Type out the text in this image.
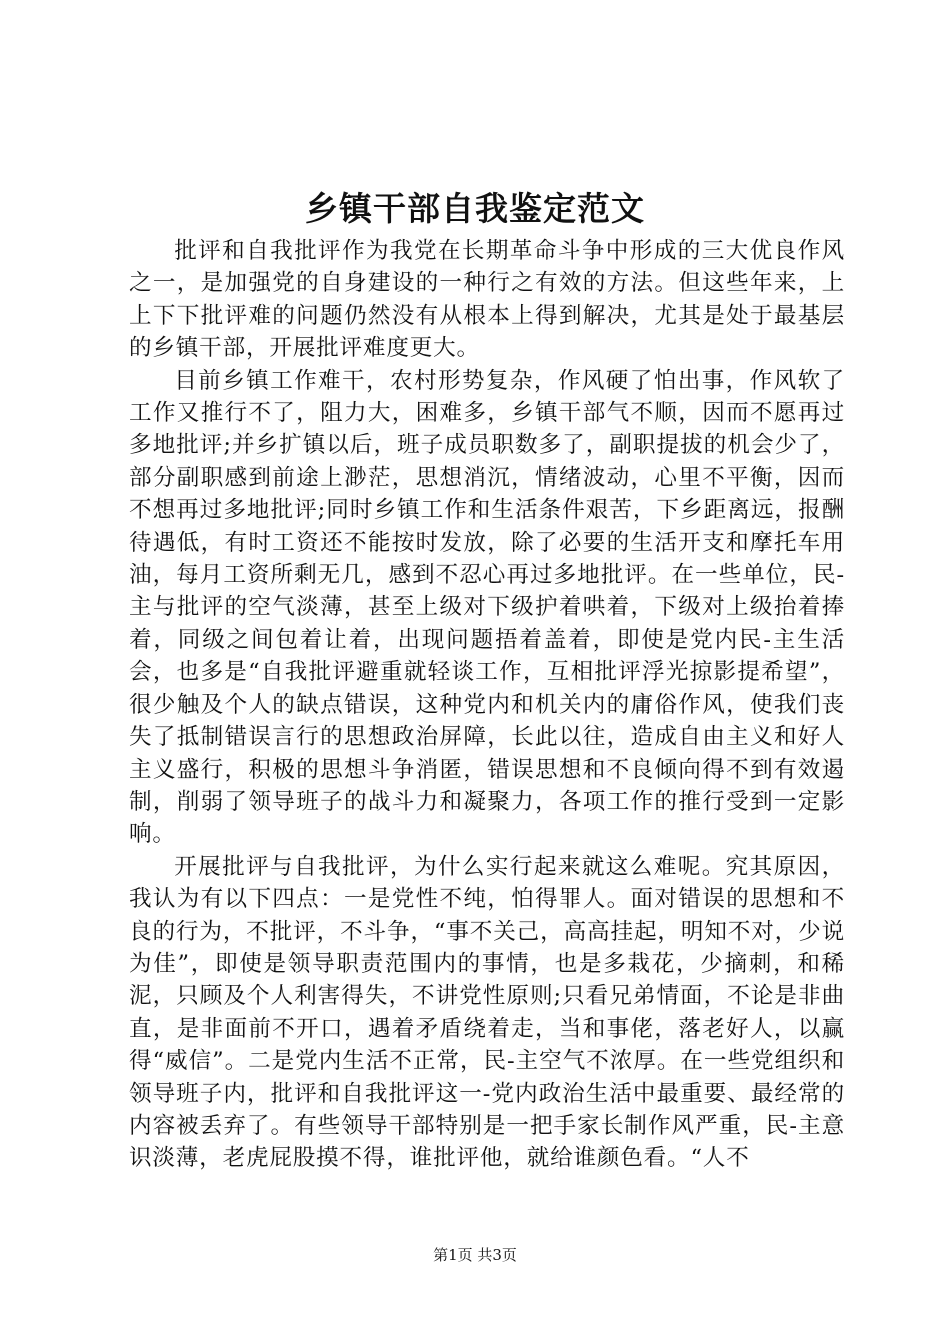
乡镇干部自我鉴定范文

批评和自我批评作为我党在长期革命斗争中形成的三大优良作风之一，是加强党的自身建设的一种行之有效的方法。但这些年来，上上下下批评难的问题仍然没有从根本上得到解决，尤其是处于最基层的乡镇干部，开展批评难度更大。

目前乡镇工作难干，农村形势复杂，作风硬了怕出事，作风软了工作又推行不了，阻力大，困难多，乡镇干部气不顺，因而不愿再过多地批评;并乡扩镇以后，班子成员职数多了，副职提拔的机会少了，部分副职感到前途上渺茫，思想消沉，情绪波动，心里不平衡，因而不想再过多地批评;同时乡镇工作和生活条件艰苦，下乡距离远，报酬待遇低，有时工资还不能按时发放，除了必要的生活开支和摩托车用油，每月工资所剩无几，感到不忍心再过多地批评。在一些单位，民-主与批评的空气淡薄，甚至上级对下级护着哄着，下级对上级抬着捧着，同级之间包着让着，出现问题捂着盖着，即使是党内民-主生活会，也多是“自我批评避重就轻谈工作，互相批评浮光掠影提希望”，很少触及个人的缺点错误，这种党内和机关内的庸俗作风，使我们丧失了抵制错误言行的思想政治屏障，长此以往，造成自由主义和好人主义盛行，积极的思想斗争消匿，错误思想和不良倾向得不到有效遏制，削弱了领导班子的战斗力和凝聚力，各项工作的推行受到一定影响。

开展批评与自我批评，为什么实行起来就这么难呢。究其原因，我认为有以下四点：一是党性不纯，怕得罪人。面对错误的思想和不良的行为，不批评，不斗争，“事不关己，高高挂起，明知不对，少说为佳”，即使是领导职责范围内的事情，也是多栽花，少摘刺，和稀泥，只顾及个人利害得失，不讲党性原则;只看兄弟情面，不论是非曲直，是非面前不开口，遇着矛盾绕着走，当和事佬，落老好人，以赢得“威信”。二是党内生活不正常，民-主空气不浓厚。在一些党组织和领导班子内，批评和自我批评这一-党内政治生活中最重要、最经常的内容被丢弃了。有些领导干部特别是一把手家长制作风严重，民-主意识淡薄，老虎屁股摸不得，谁批评他，就给谁颜色看。“人不

第1页 共3页
